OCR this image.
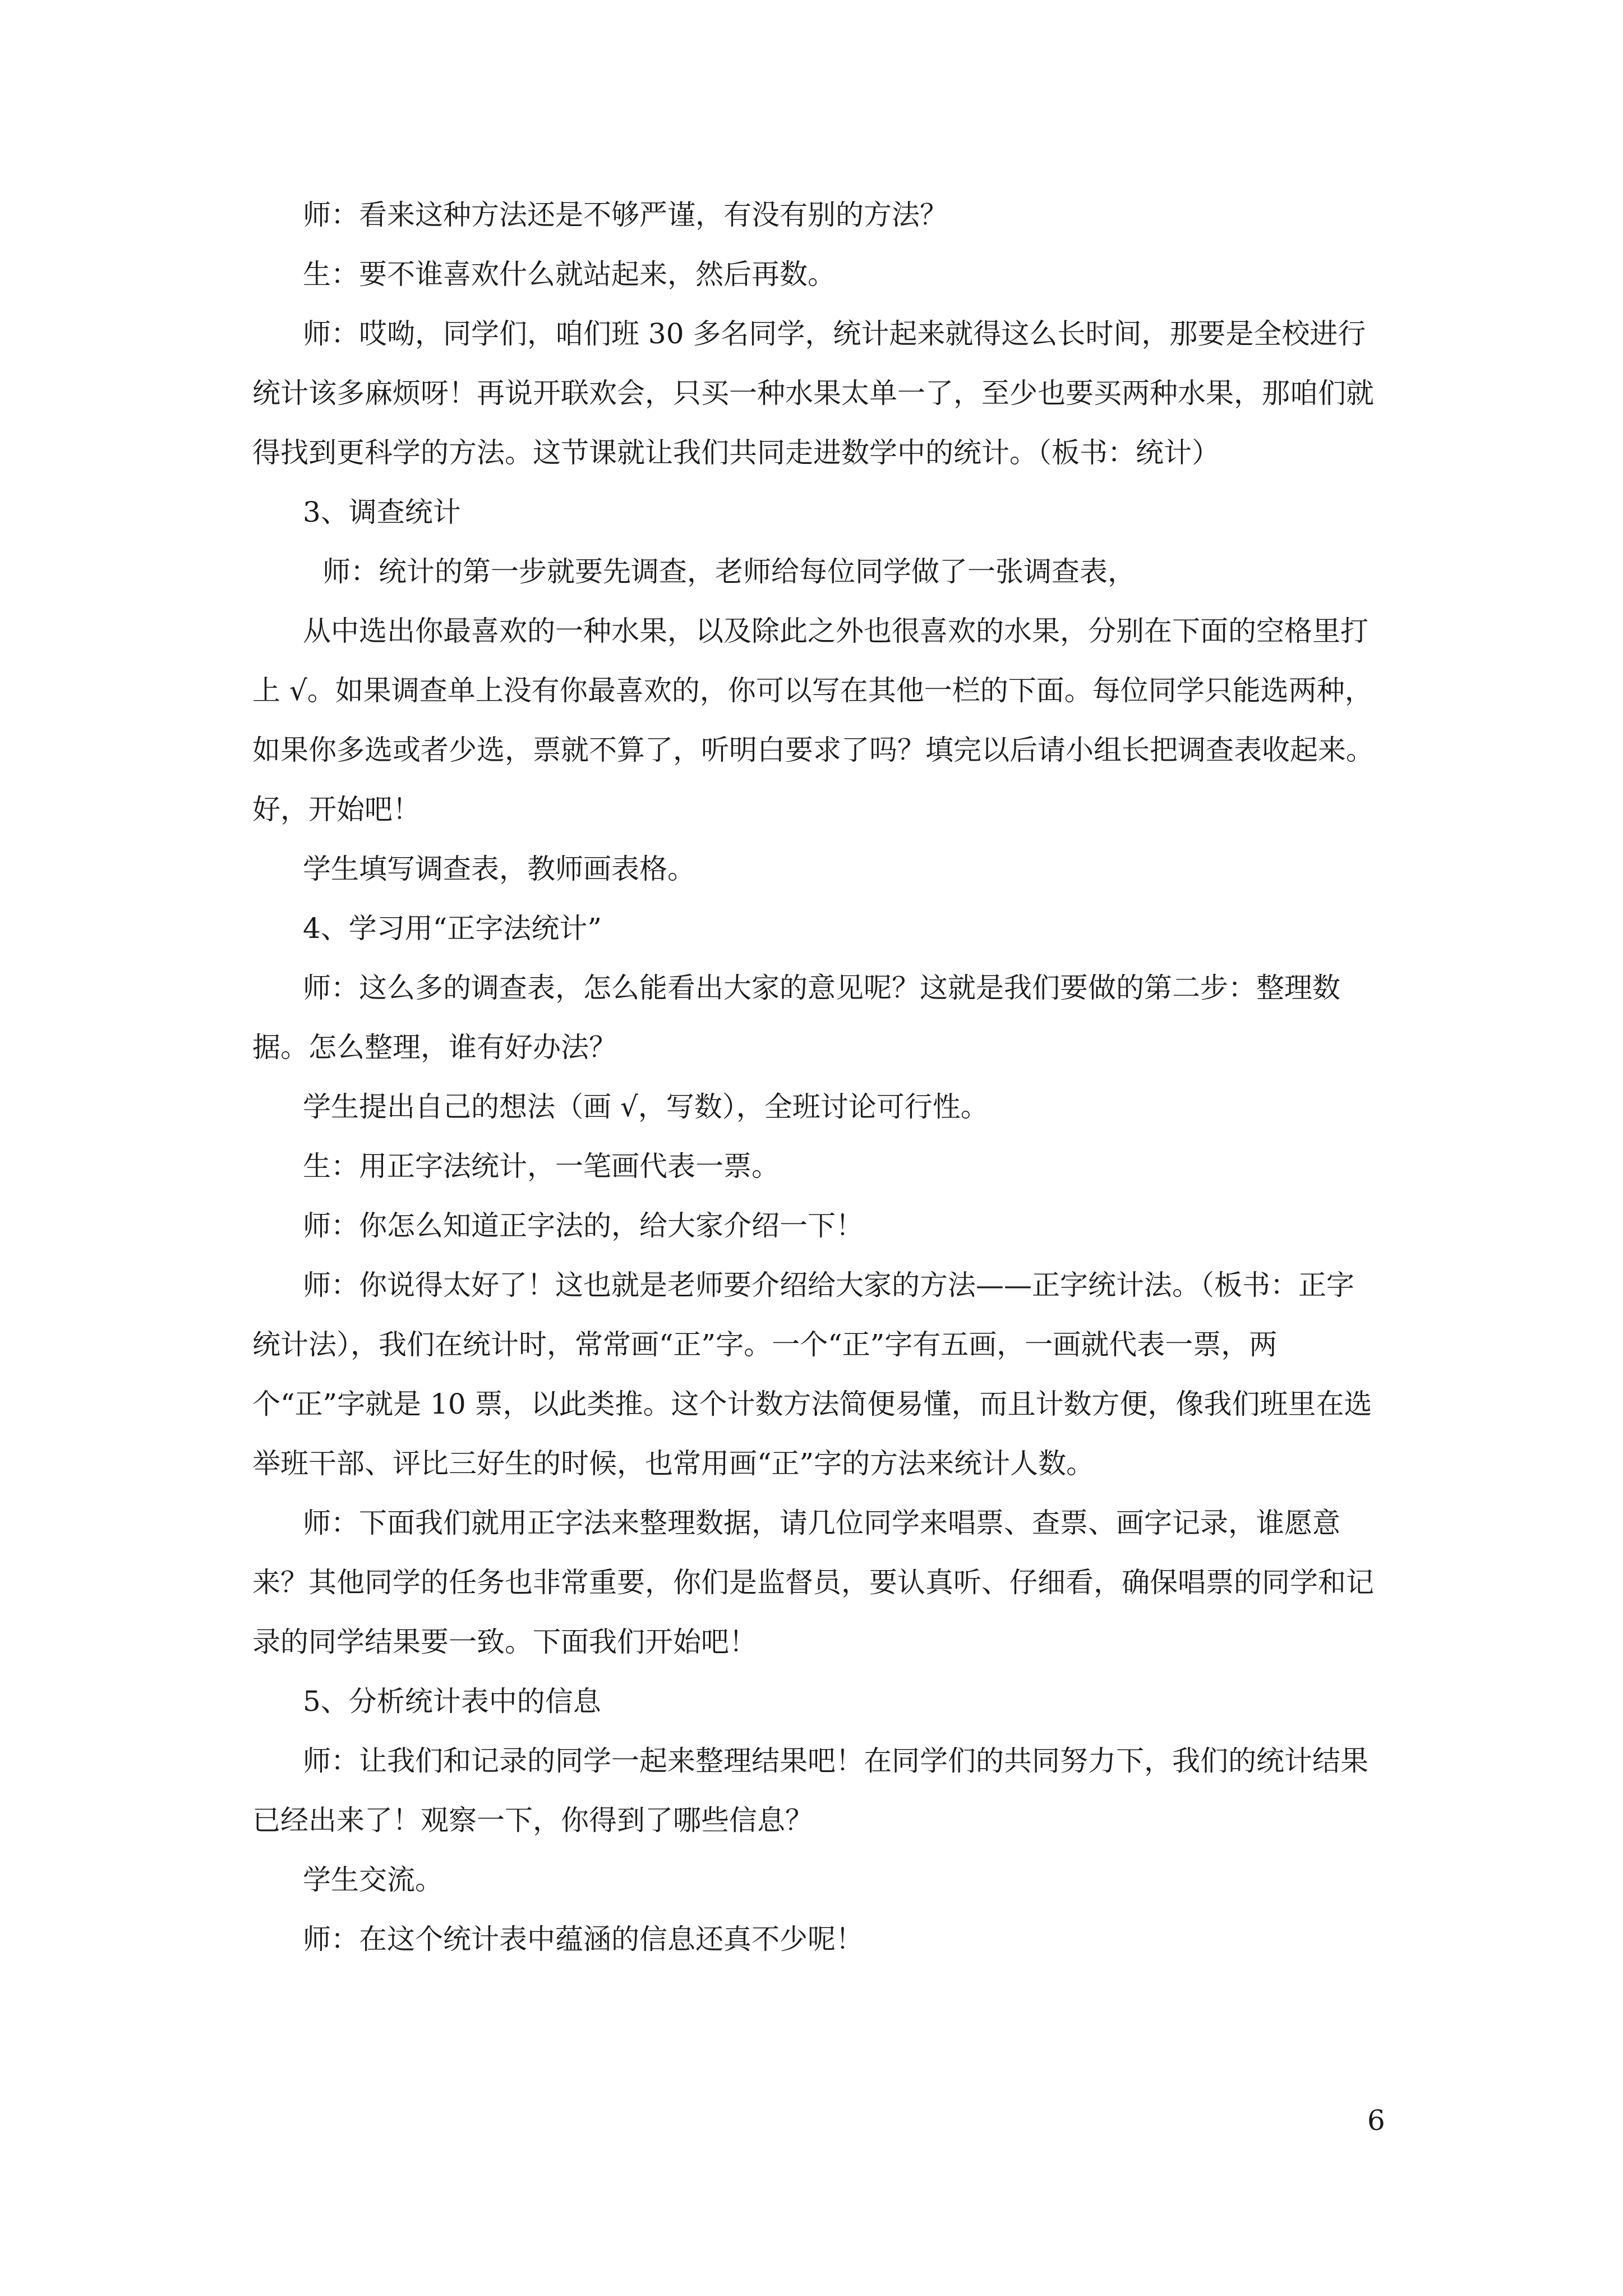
师：看来这种方法还是不够严谨，有没有别的方法？

生：要不谁喜欢什么就站起来，然后再数。

师：哎呦，同学们，咱们班 30 多名同学，统计起来就得这么长时间，那要是全校进行统计该多麻烦呀！再说开联欢会，只买一种水果太单一了，至少也要买两种水果，那咱们就得找到更科学的方法。这节课就让我们共同走进数学中的统计。（板书：统计）

3、调查统计

师：统计的第一步就要先调查，老师给每位同学做了一张调查表，

从中选出你最喜欢的一种水果，以及除此之外也很喜欢的水果，分别在下面的空格里打上 √。如果调查单上没有你最喜欢的，你可以写在其他一栏的下面。每位同学只能选两种，如果你多选或者少选，票就不算了，听明白要求了吗？填完以后请小组长把调查表收起来。好，开始吧！

学生填写调查表，教师画表格。

4、学习用“正字法统计”

师：这么多的调查表，怎么能看出大家的意见呢？这就是我们要做的第二步：整理数据。怎么整理，谁有好办法？

学生提出自己的想法（画 √，写数），全班讨论可行性。

生：用正字法统计，一笔画代表一票。

师：你怎么知道正字法的，给大家介绍一下！

师：你说得太好了！这也就是老师要介绍给大家的方法——正字统计法。（板书：正字统计法），我们在统计时，常常画“正”字。一个“正”字有五画，一画就代表一票，两个“正”字就是 10 票，以此类推。这个计数方法简便易懂，而且计数方便，像我们班里在选举班干部、评比三好生的时候，也常用画“正”字的方法来统计人数。

师：下面我们就用正字法来整理数据，请几位同学来唱票、查票、画字记录，谁愿意来？其他同学的任务也非常重要，你们是监督员，要认真听、仔细看，确保唱票的同学和记录的同学结果要一致。下面我们开始吧！

5、分析统计表中的信息

师：让我们和记录的同学一起来整理结果吧！在同学们的共同努力下，我们的统计结果已经出来了！观察一下，你得到了哪些信息？

学生交流。

师：在这个统计表中蕴涵的信息还真不少呢！

6
